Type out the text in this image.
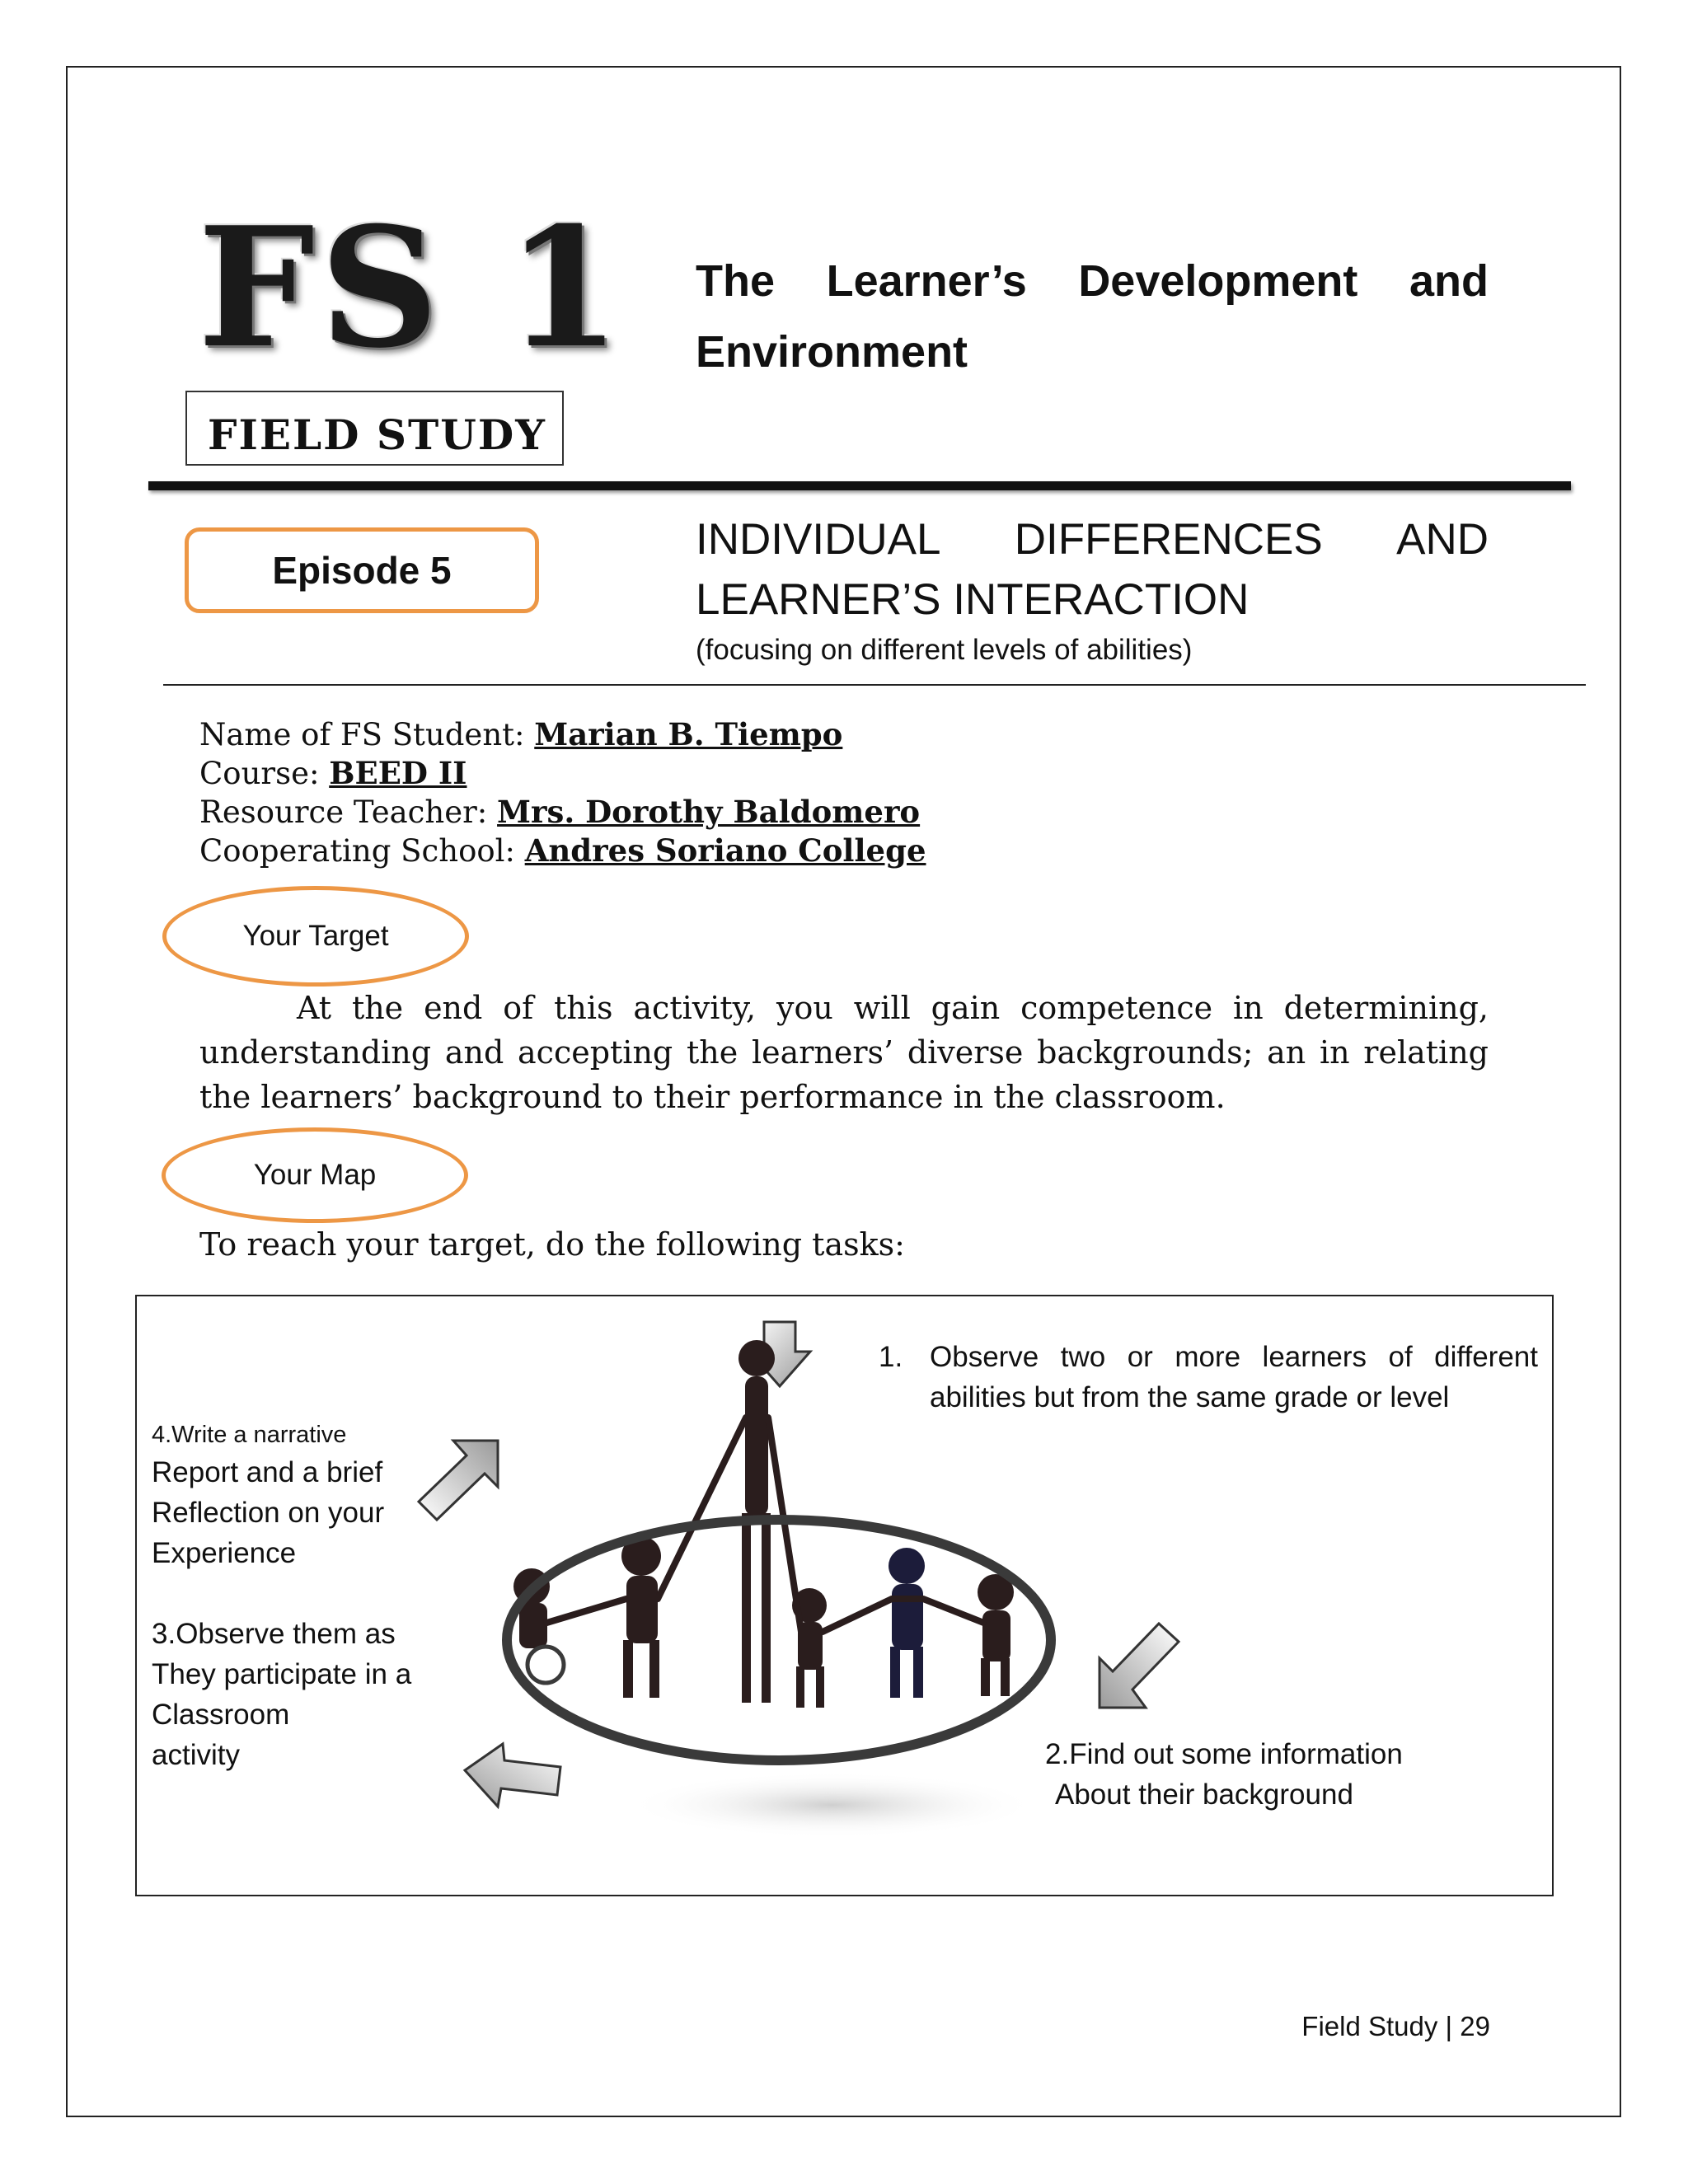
FS 1
FIELD STUDY
The Learner’s Development and
Environment
Episode 5
INDIVIDUAL DIFFERENCES AND
LEARNER’S INTERACTION
(focusing on different levels of abilities)
Name of FS Student: Marian B. Tiempo
Course: BEED II
Resource Teacher: Mrs. Dorothy Baldomero
Cooperating School: Andres Soriano College
Your Target
At the end of this activity, you will gain competence in determining, understanding and accepting the learners’ diverse backgrounds; an in relating the learners’ background to their performance in the classroom.
Your Map
To reach your target, do the following tasks:
1. Observe two or more learners of different abilities but from the same grade or level
4.Write a narrative
Report and a brief
Reflection on your
Experience
3.Observe them as
They participate in a
Classroom
activity	2.Find out some information
About their background
Field Study | 29
